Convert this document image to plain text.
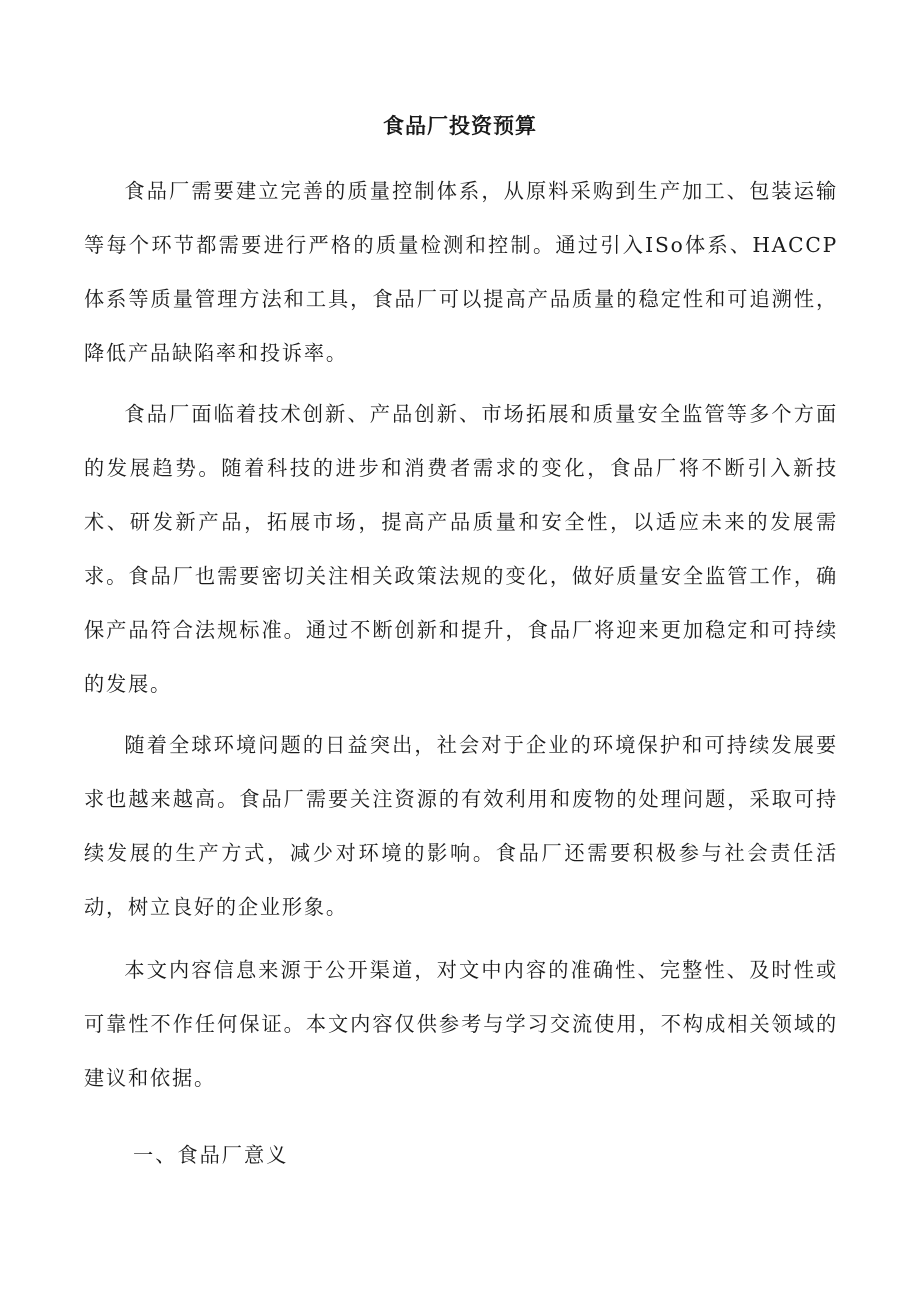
食品厂投资预算

食品厂需要建立完善的质量控制体系，从原料采购到生产加工、包装运输等每个环节都需要进行严格的质量检测和控制。通过引入ISo体系、HACCP体系等质量管理方法和工具，食品厂可以提高产品质量的稳定性和可追溯性，降低产品缺陷率和投诉率。

食品厂面临着技术创新、产品创新、市场拓展和质量安全监管等多个方面的发展趋势。随着科技的进步和消费者需求的变化，食品厂将不断引入新技术、研发新产品，拓展市场，提高产品质量和安全性，以适应未来的发展需求。食品厂也需要密切关注相关政策法规的变化，做好质量安全监管工作，确保产品符合法规标准。通过不断创新和提升，食品厂将迎来更加稳定和可持续的发展。

随着全球环境问题的日益突出，社会对于企业的环境保护和可持续发展要求也越来越高。食品厂需要关注资源的有效利用和废物的处理问题，采取可持续发展的生产方式，减少对环境的影响。食品厂还需要积极参与社会责任活动，树立良好的企业形象。

本文内容信息来源于公开渠道，对文中内容的准确性、完整性、及时性或可靠性不作任何保证。本文内容仅供参考与学习交流使用，不构成相关领域的建议和依据。

一、食品厂意义
